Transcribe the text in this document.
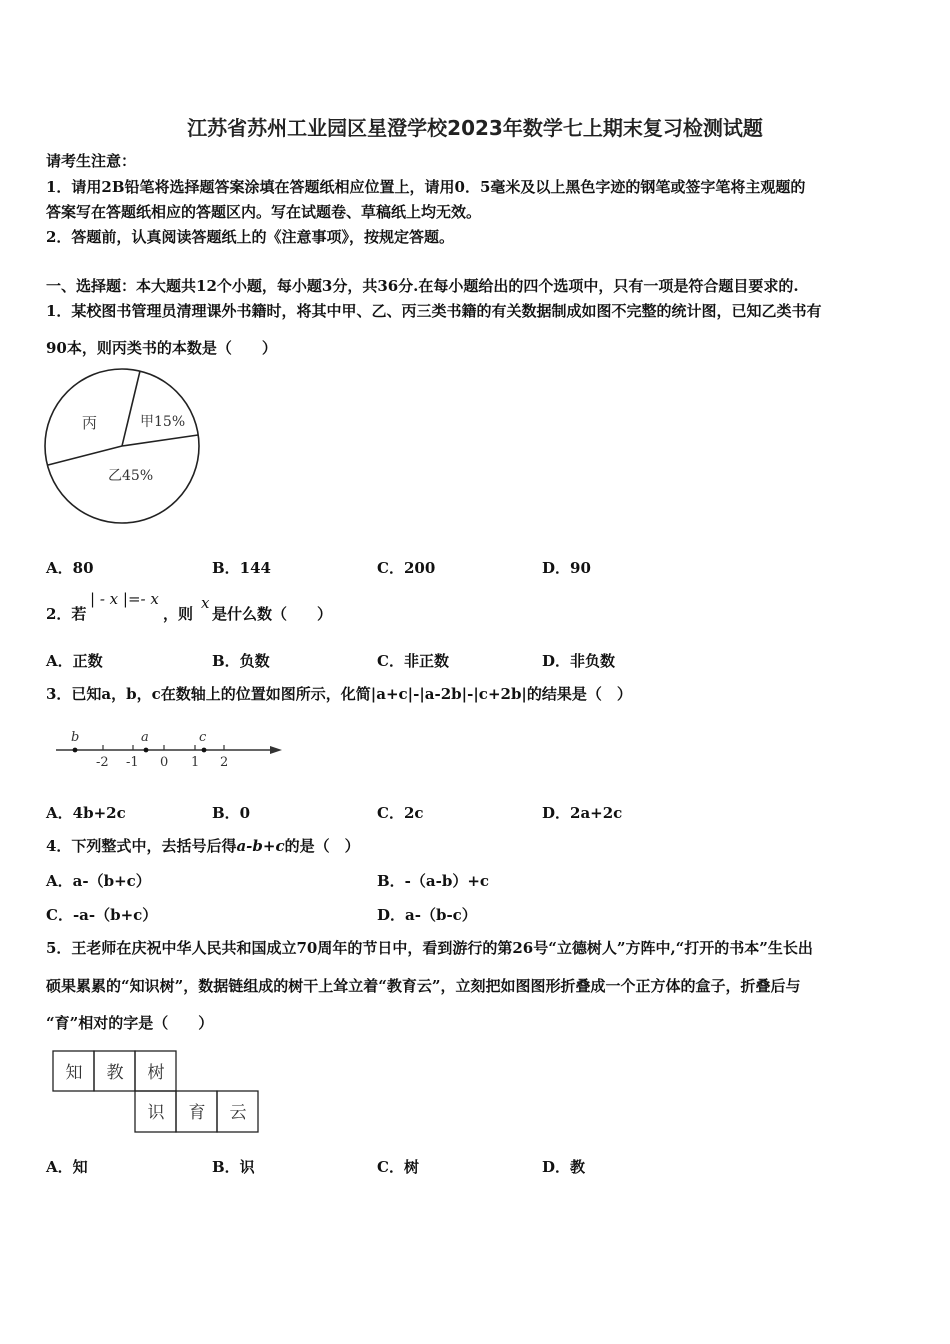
江苏省苏州工业园区星澄学校2023年数学七上期末复习检测试题
请考生注意：
1．请用2B铅笔将选择题答案涂填在答题纸相应位置上，请用0．5毫米及以上黑色字迹的钢笔或签字笔将主观题的
答案写在答题纸相应的答题区内。写在试题卷、草稿纸上均无效。
2．答题前，认真阅读答题纸上的《注意事项》，按规定答题。
一、选择题：本大题共12个小题，每小题3分，共36分.在每小题给出的四个选项中，只有一项是符合题目要求的.
1．某校图书管理员清理课外书籍时，将其中甲、乙、丙三类书籍的有关数据制成如图不完整的统计图，已知乙类书有
90本，则丙类书的本数是（　　）
丙	甲15%
乙45%
A．80	B．144	C．200	D．90
2．若
| - x |=- x
，则
x
是什么数（　　）
A．正数	B．负数	C．非正数	D．非负数
3．已知a，b，c在数轴上的位置如图所示，化简|a+c|-|a-2b|-|c+2b|的结果是（　）
-2 -1 0 1 2
b	a	c
A．4b+2c	B．0	C．2c	D．2a+2c
4．下列整式中，去括号后得a-b+c的是（　）
A．a-（b+c）	B．-（a-b）+c
C．-a-（b+c）	D．a-（b-c）
5．王老师在庆祝中华人民共和国成立70周年的节日中，看到游行的第26号“立德树人”方阵中,“打开的书本”生长出
硕果累累的“知识树”，数据链组成的树干上耸立着“教育云”，立刻把如图图形折叠成一个正方体的盒子，折叠后与
“育”相对的字是（　　）
知 教 树
识 育 云
A．知	B．识	C．树	D．教
